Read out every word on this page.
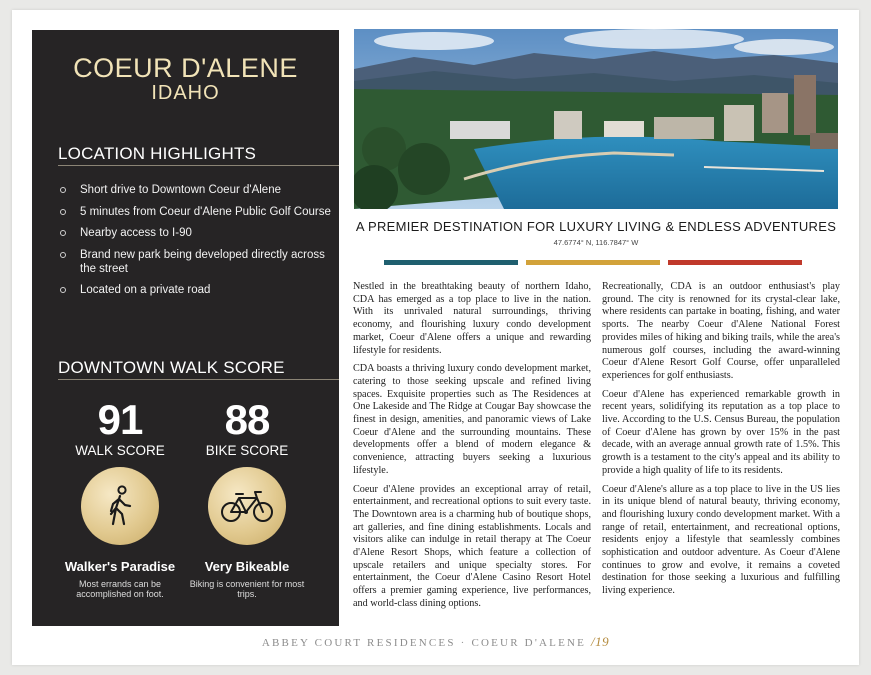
COEUR D'ALENE
IDAHO
LOCATION HIGHLIGHTS
Short drive to Downtown Coeur d'Alene
5 minutes from Coeur d'Alene Public Golf Course
Nearby access to I-90
Brand new park being developed directly across the street
Located on a private road
DOWNTOWN WALK SCORE
91
WALK SCORE
Walker's Paradise
Most errands can be accomplished on foot.
88
BIKE SCORE
Very Bikeable
Biking is convenient for most trips.
A PREMIER DESTINATION FOR LUXURY LIVING & ENDLESS ADVENTURES
47.6774° N, 116.7847° W

Nestled in the breathtaking beauty of northern Idaho, CDA has emerged as a top place to live in the nation. With its unrivaled natural surroundings, thriving economy, and flourishing luxury condo development market, Coeur d'Alene offers a unique and rewarding lifestyle for residents.

CDA boasts a thriving luxury condo development market, catering to those seeking upscale and refined living spaces. Exquisite properties such as The Residences at One Lakeside and The Ridge at Cougar Bay showcase the finest in design, amenities, and panoramic views of Lake Coeur d'Alene and the surrounding mountains. These developments offer a blend of modern elegance & convenience, attracting buyers seeking a luxurious lifestyle.

Coeur d'Alene provides an exceptional array of retail, entertainment, and recreational options to suit every taste. The Downtown area is a charming hub of boutique shops, art galleries, and fine dining establishments. Locals and visitors alike can indulge in retail therapy at The Coeur d'Alene Resort Shops, which feature a collection of upscale retailers and unique specialty stores. For entertainment, the Coeur d'Alene Casino Resort Hotel offers a premier gaming experience, live performances, and world-class dining options.

Recreationally, CDA is an outdoor enthusiast's play ground. The city is renowned for its crystal-clear lake, where residents can partake in boating, fishing, and water sports. The nearby Coeur d'Alene National Forest provides miles of hiking and biking trails, while the area's numerous golf courses, including the award-winning Coeur d'Alene Resort Golf Course, offer unparalleled experiences for golf enthusiasts.

Coeur d'Alene has experienced remarkable growth in recent years, solidifying its reputation as a top place to live. According to the U.S. Census Bureau, the population of Coeur d'Alene has grown by over 15% in the past decade, with an average annual growth rate of 1.5%. This growth is a testament to the city's appeal and its ability to provide a high quality of life to its residents.

Coeur d'Alene's allure as a top place to live in the US lies in its unique blend of natural beauty, thriving economy, and flourishing luxury condo development market. With a range of retail, entertainment, and recreational options, residents enjoy a lifestyle that seamlessly combines sophistication and outdoor adventure. As Coeur d'Alene continues to grow and evolve, it remains a coveted destination for those seeking a luxurious and fulfilling living experience.

ABBEY COURT RESIDENCES · COEUR D'ALENE /19
